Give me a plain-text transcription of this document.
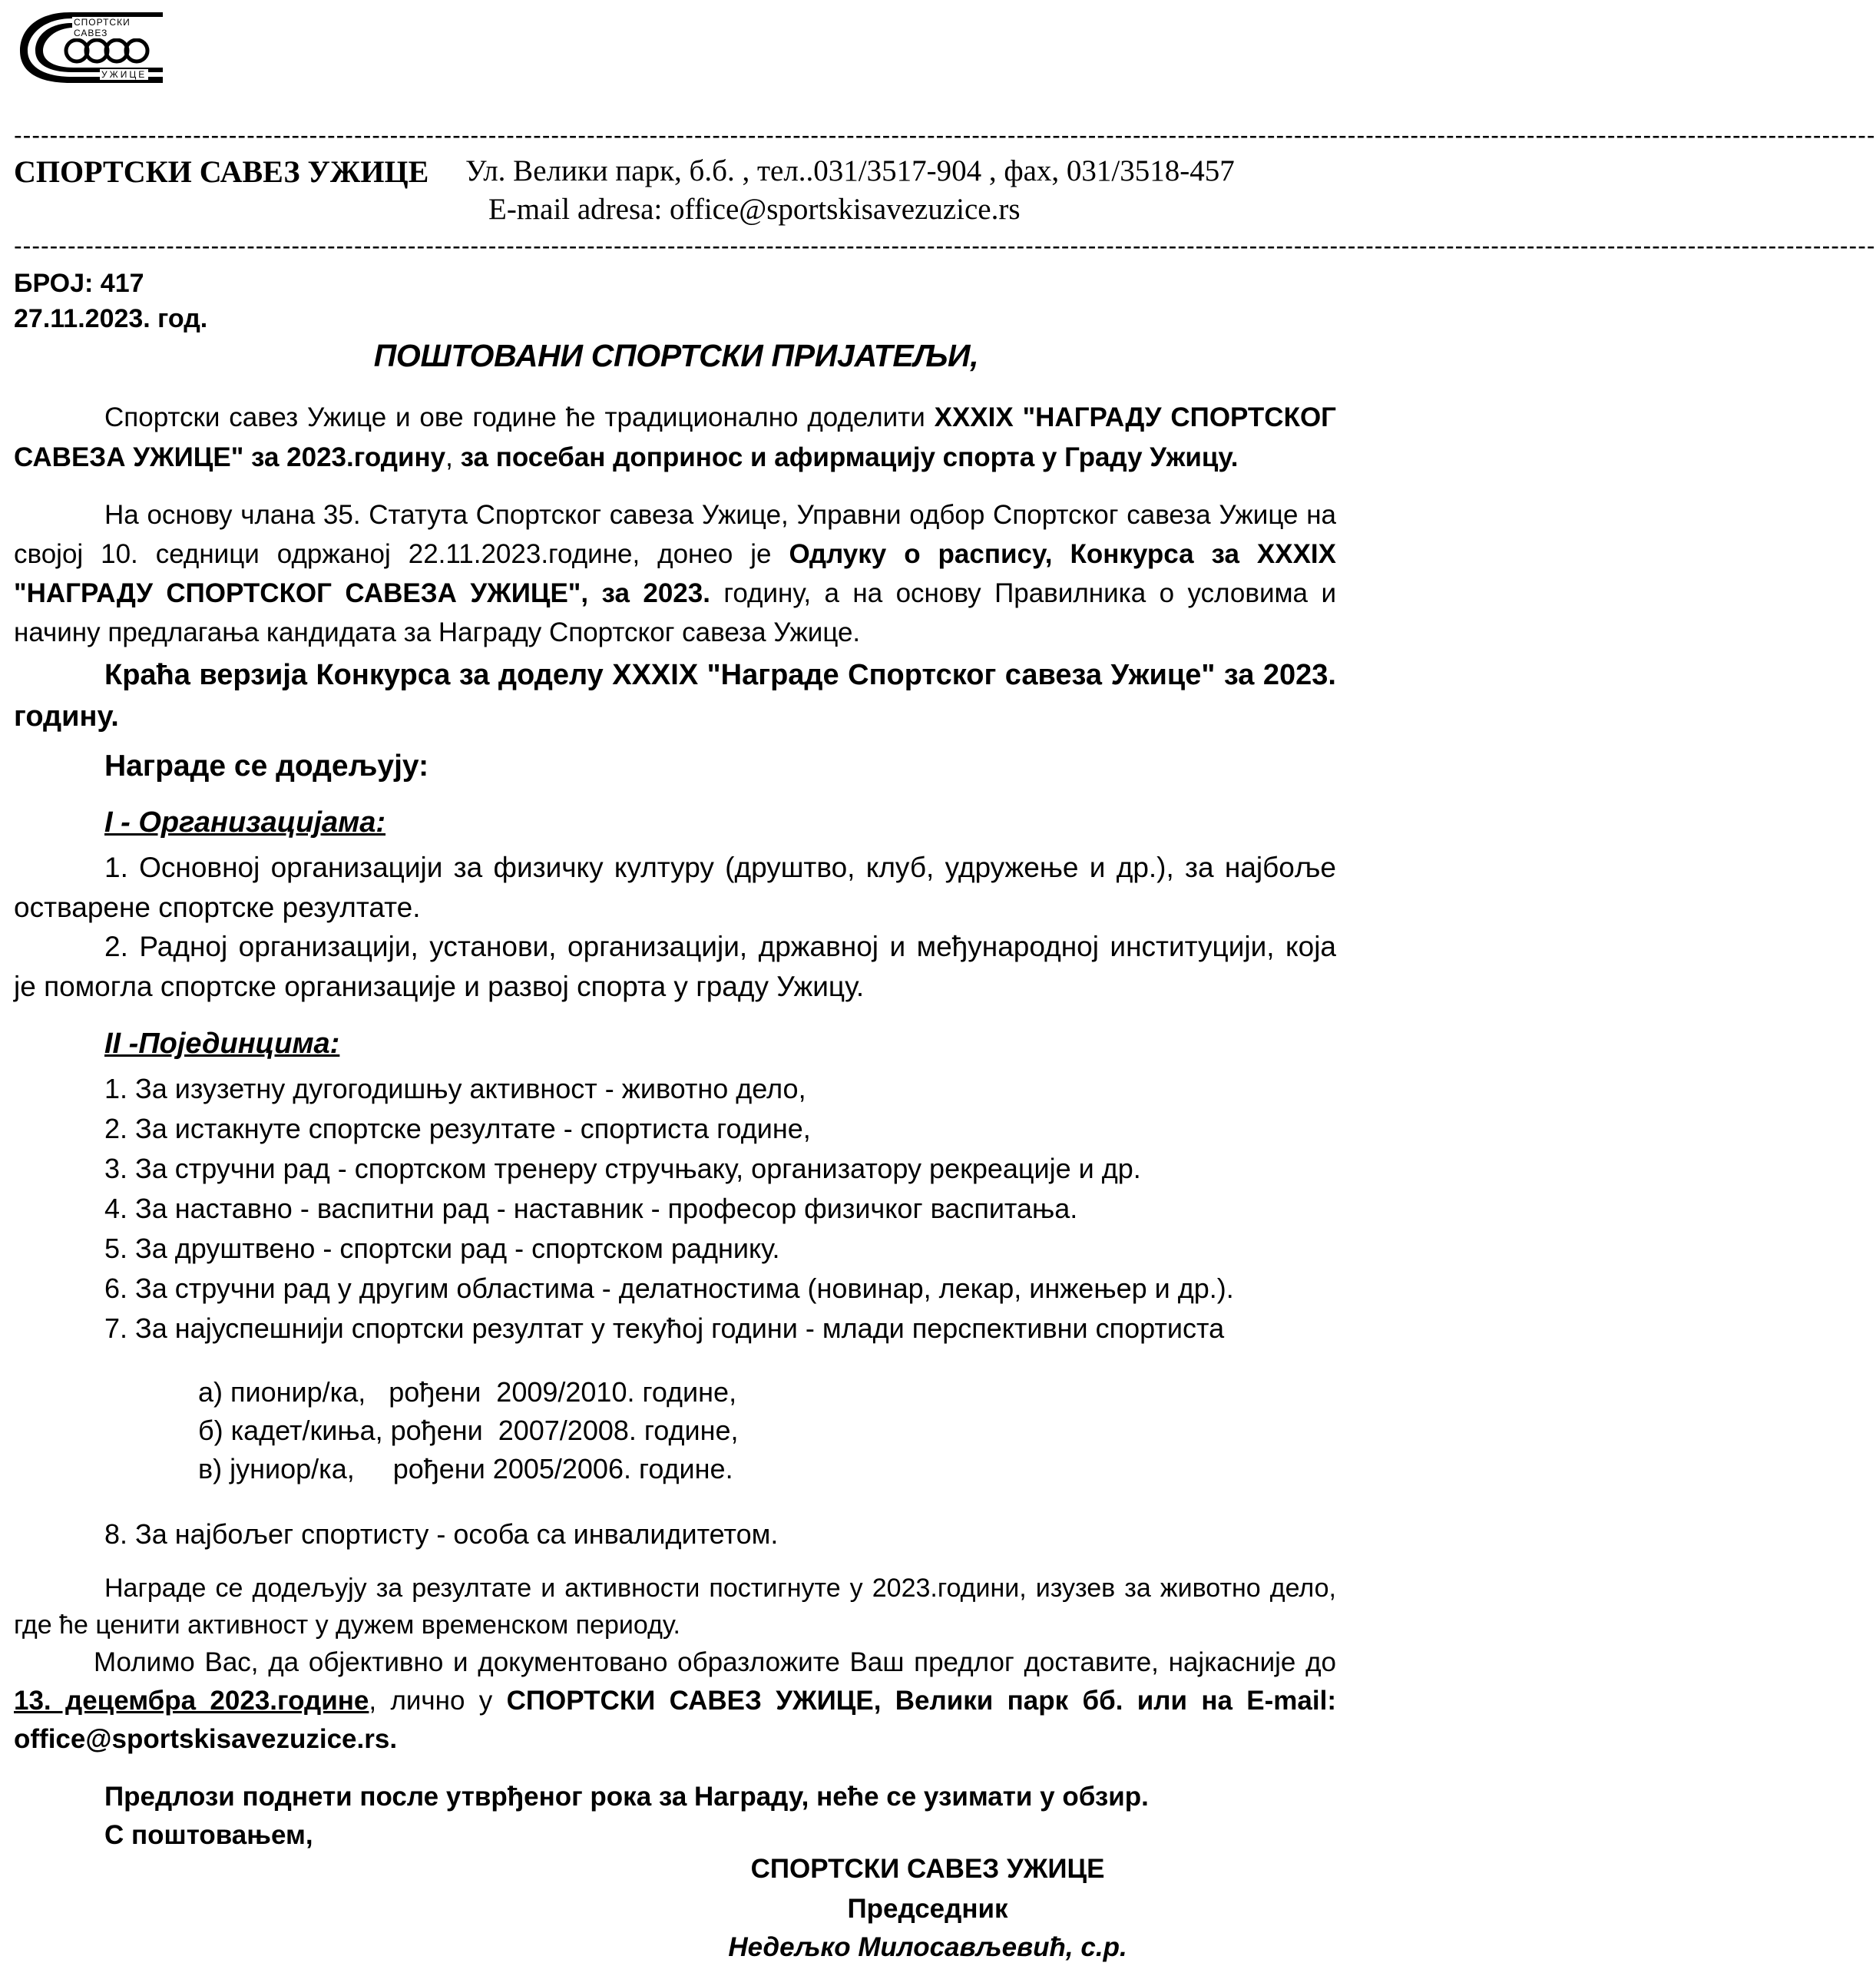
СПОРТСКИ САВЕЗ
УЖИЦЕ
----------------------------------------------------------------------------------------------------------------------------------------------------------------------------------------------------------------
СПОРТСКИ САВЕЗ УЖИЦЕ Ул. Велики парк, б.б. , тел..031/3517-904 , фах, 031/3518-457
E-mail adresa: office@sportskisavezuzice.rs
----------------------------------------------------------------------------------------------------------------------------------------------------------------------------------------------------------------
БРОЈ: 417
27.11.2023. год.
ПОШТОВАНИ СПОРТСКИ ПРИЈАТЕЉИ,
Спортски савез Ужице и ове године ће традиционално доделити XXXIX "НАГРАДУ СПОРТСКОГ САВЕЗА УЖИЦЕ" за 2023.годину, за посебан допринос и афирмацију спорта у Граду Ужицу.
На основу члана 35. Статута Спортског савеза Ужице, Управни одбор Спортског савеза Ужице на својој 10. седници одржаној 22.11.2023.године, донео је Одлуку о распису, Конкурса за XXXIX "НАГРАДУ СПОРТСКОГ САВЕЗА УЖИЦЕ", за 2023. годину, а на основу Правилника о условима и начину предлагања кандидата за Награду Спортског савеза Ужице.
Краћа верзија Конкурса за доделу XXXIX "Награде Спортског савеза Ужице" за 2023. годину.
Награде се додељују:
I - Организацијама:
1. Основној организацији за физичку културу (друштво, клуб, удружење и др.), за најбоље остварене спортске резултате.
2. Радној организацији, установи, организацији, државној и међународној институцији, која је помогла спортске организације и развој спорта у граду Ужицу.
II -Појединцима:
1. За изузетну дугогодишњу активност - животно дело,
2. За истакнуте спортске резултате - спортиста године,
3. За стручни рад - спортском тренеру стручњаку, организатору рекреације и др.
4. За наставно - васпитни рад - наставник - професор физичког васпитања.
5. За друштвено - спортски рад - спортском раднику.
6. За стручни рад у другим областима - делатностима (новинар, лекар, инжењер и др.).
7. За најуспешнији спортски резултат у текућој години - млади перспективни спортиста
а) пионир/ка,   рођени  2009/2010. године,
б) кадет/киња, рођени  2007/2008. године,
в) јуниор/ка,     рођени 2005/2006. године.
8. За најбољег спортисту - особа са инвалидитетом.
Награде се додељују за резултате и активности постигнуте у 2023.години, изузев за животно дело, где ће ценити активност у дужем временском периоду.
Молимо Вас, да објективно и документовано образложите Ваш предлог доставите, најкасније до 13. децембра 2023.године, лично у СПОРТСКИ САВЕЗ УЖИЦЕ, Велики парк бб. или на E-mail: office@sportskisavezuzice.rs.
Предлози поднети после утврђеног рока за Награду, неће се узимати у обзир.
С поштовањем,
СПОРТСКИ САВЕЗ УЖИЦЕ
Председник
Недељко Милосављевић, с.р.
